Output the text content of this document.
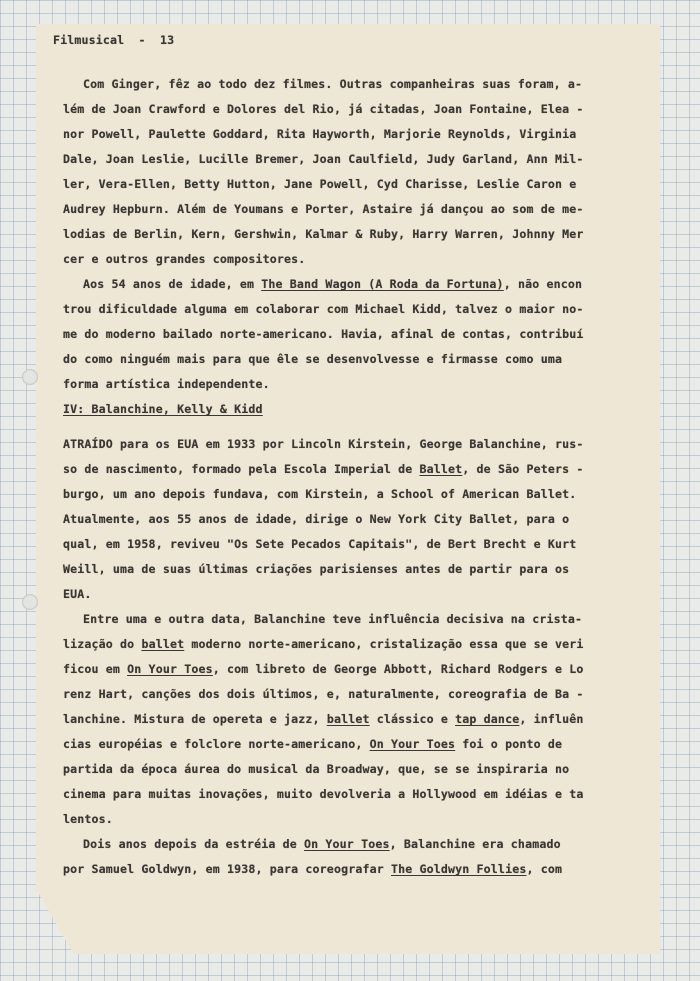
Filmusical  -  13
Com Ginger, fêz ao todo dez filmes. Outras companheiras suas foram, a-
lém de Joan Crawford e Dolores del Rio, já citadas, Joan Fontaine, Elea -
nor Powell, Paulette Goddard, Rita Hayworth, Marjorie Reynolds, Virginia
Dale, Joan Leslie, Lucille Bremer, Joan Caulfield, Judy Garland, Ann Mil-
ler, Vera-Ellen, Betty Hutton, Jane Powell, Cyd Charisse, Leslie Caron e
Audrey Hepburn. Além de Youmans e Porter, Astaire já dançou ao som de me-
lodias de Berlin, Kern, Gershwin, Kalmar & Ruby, Harry Warren, Johnny Mer
cer e outros grandes compositores.
Aos 54 anos de idade, em The Band Wagon (A Roda da Fortuna), não encon
trou dificuldade alguma em colaborar com Michael Kidd, talvez o maior no-
me do moderno bailado norte-americano. Havia, afinal de contas, contribuí
do como ninguém mais para que êle se desenvolvesse e firmasse como uma
forma artística independente.
IV: Balanchine, Kelly & Kidd
ATRAÍDO para os EUA em 1933 por Lincoln Kirstein, George Balanchine, rus-
so de nascimento, formado pela Escola Imperial de Ballet, de São Peters -
burgo, um ano depois fundava, com Kirstein, a School of American Ballet.
Atualmente, aos 55 anos de idade, dirige o New York City Ballet, para o
qual, em 1958, reviveu "Os Sete Pecados Capitais", de Bert Brecht e Kurt
Weill, uma de suas últimas criações parisienses antes de partir para os
EUA.
Entre uma e outra data, Balanchine teve influência decisiva na crista-
lização do ballet moderno norte-americano, cristalização essa que se veri
ficou em On Your Toes, com libreto de George Abbott, Richard Rodgers e Lo
renz Hart, canções dos dois últimos, e, naturalmente, coreografia de Ba -
lanchine. Mistura de opereta e jazz, ballet clássico e tap dance, influên
cias européias e folclore norte-americano, On Your Toes foi o ponto de
partida da época áurea do musical da Broadway, que, se se inspiraria no
cinema para muitas inovações, muito devolveria a Hollywood em idéias e ta
lentos.
Dois anos depois da estréia de On Your Toes, Balanchine era chamado
por Samuel Goldwyn, em 1938, para coreografar The Goldwyn Follies, com
